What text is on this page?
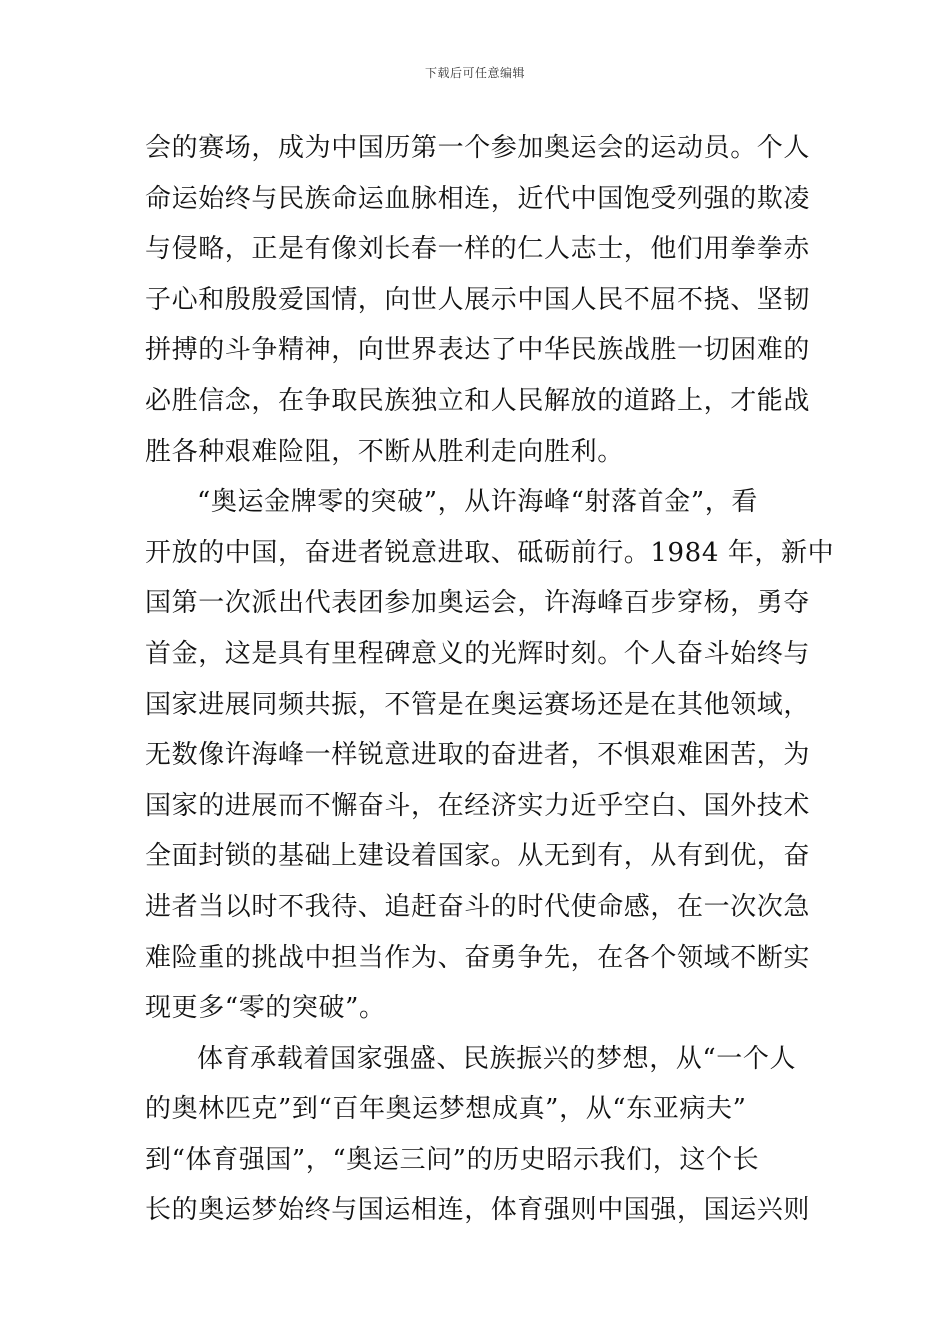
下载后可任意编辑
会的赛场，成为中国历第一个参加奥运会的运动员。个人
命运始终与民族命运血脉相连，近代中国饱受列强的欺凌
与侵略，正是有像刘长春一样的仁人志士，他们用拳拳赤
子心和殷殷爱国情，向世人展示中国人民不屈不挠、坚韧
拼搏的斗争精神，向世界表达了中华民族战胜一切困难的
必胜信念，在争取民族独立和人民解放的道路上，才能战
胜各种艰难险阻，不断从胜利走向胜利。
“奥运金牌零的突破”，从许海峰“射落首金”，看
开放的中国，奋进者锐意进取、砥砺前行。1984 年，新中
国第一次派出代表团参加奥运会，许海峰百步穿杨，勇夺
首金，这是具有里程碑意义的光辉时刻。个人奋斗始终与
国家进展同频共振，不管是在奥运赛场还是在其他领域，
无数像许海峰一样锐意进取的奋进者，不惧艰难困苦，为
国家的进展而不懈奋斗，在经济实力近乎空白、国外技术
全面封锁的基础上建设着国家。从无到有，从有到优，奋
进者当以时不我待、追赶奋斗的时代使命感，在一次次急
难险重的挑战中担当作为、奋勇争先，在各个领域不断实
现更多“零的突破”。
体育承载着国家强盛、民族振兴的梦想，从“一个人
的奥林匹克”到“百年奥运梦想成真”，从“东亚病夫”
到“体育强国”，“奥运三问”的历史昭示我们，这个长
长的奥运梦始终与国运相连，体育强则中国强，国运兴则
